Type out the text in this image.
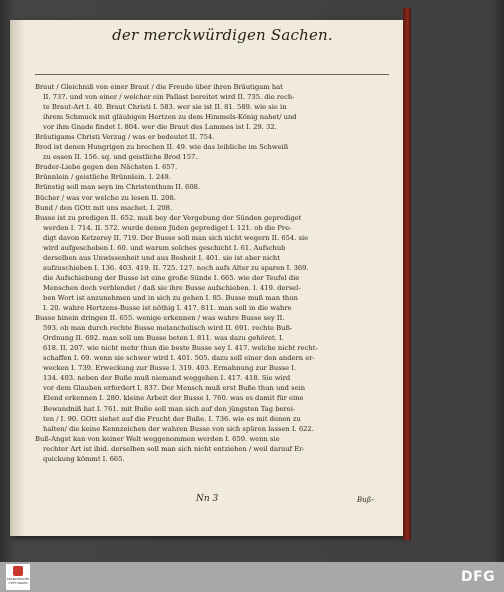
der merckwürdigen Sachen.
Braut / Gleichniß von einer Braut / die Freude über ihren Bräutigam hat
II. 737. und von einer / welcher ein Pallast bereitet wird II. 735. die rech-
te Braut-Art I. 40. Braut Christi I. 583. wer sie ist II. 81. 589. wie sie in
ihrem Schmuck mit gläubigen Hertzen zu dem Himmels-König nahet/ und
vor ihm Gnade findet I. 804. wer die Braut des Lammes ist I. 29. 32.
Bräutigams Christi Verzug / was er bedeutet II. 754.
Brod ist denen Hungrigen zu brechen II. 49. wie das leibliche im Schweiß
zu essen II. 156. sq. und geistliche Brod 157.
Bruder-Liebe gegen den Nächsten I. 657.
Brünnlein / geistliche Brünnlein. I. 249.
Brünstig soll man seyn im Christenthum II. 608.
Bücher / was vor welche zu lesen II. 208.
Bund / den GOtt mit uns machet. I. 208.
Busse ist zu predigen II. 652. muß bey der Vergebung der Sünden geprediget
werden I. 714. II. 572. wurde denen Jüden geprediget I. 121. ob die Pre-
digt davon Ketzerey II. 719. Der Busse soll man sich nicht wegern II. 654. sie
wird aufgeschoben I. 60. und warum solches geschicht I. 61. Aufschub
derselben aus Unwissenheit und aus Bosheit I. 401. sie ist aber nicht
aufzuschieben I. 136. 403. 419. II. 725. 127. noch aufs Alter zu sparen I. 369.
die Aufschiebung der Busse ist eine große Sünde I. 665. wie der Teufel die
Menschen doch verblendet / daß sie ihre Busse aufschieben. I. 419. dersel-
ben Wort ist anzunehmen und in sich zu gehen I. 85. Busse muß man thun
I. 20. wahre Hertzens-Busse ist nöthig I. 417. 811. man soll in die wahre
Busse hinein dringen II. 655. wenige erkennen / was wahre Busse sey II.
593. ob man durch rechte Busse melancholisch wird II. 691. rechte Buß-
Ordnung II. 692. man soll um Busse beten I. 811. was dazu gehöret. I.
618. II. 207. wie nicht mehr thun die beste Busse sey I. 417. welche nicht recht-
schaffen I. 69. wenn sie schwer wird I. 401. 505. dazu soll einer den andern er-
wecken I. 739. Erweckung zur Busse I. 319. 403. Ermahnung zur Busse I.
134. 403. neben der Buße muß niemand weggehen I. 417. 418. Sie wird
vor dem Glauben erfordert I. 837. Der Mensch muß erst Buße thun und sein
Elend erkennen I. 280. kleine Arbeit der Busse I. 760. was es damit für eine
Bewandniß hat I. 761. mit Buße soll man sich auf den jüngsten Tag berei-
ten / I. 90. GOtt siehet auf die Frucht der Buße. I. 736. wie es mit denen zu
halten/ die keine Kennzeichen der wahren Busse von sich spüren lassen I. 622.
Buß-Angst kan von keiner Welt weggenommen werden I. 659. wenn sie
rechter Art ist ibid. derselben soll man sich nicht entziehen / weil darauf Er-
quickung kömmt I. 665.
Nn 3	Buß-
FRANCKESCHE STIFTUNGEN	DFG
